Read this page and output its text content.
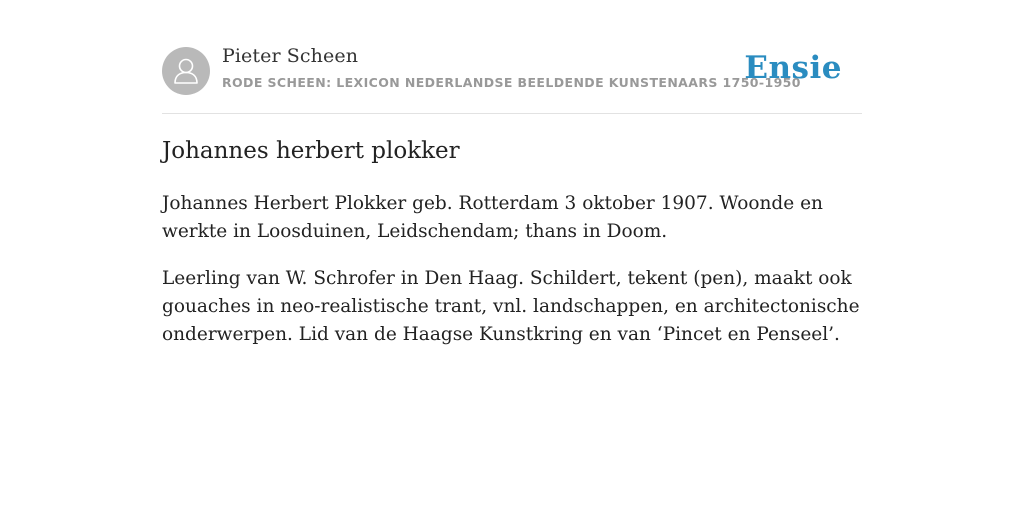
Pieter Scheen
RODE SCHEEN: LEXICON NEDERLANDSE BEELDENDE KUNSTENAARS 1750-1950
Ensie
Johannes herbert plokker

Johannes Herbert Plokker geb. Rotterdam 3 oktober 1907. Woonde en werkte in Loosduinen, Leidschendam; thans in Doom.

Leerling van W. Schrofer in Den Haag. Schildert, tekent (pen), maakt ook gouaches in neo-realistische trant, vnl. landschappen, en architectonische onderwerpen. Lid van de Haagse Kunstkring en van ‘Pincet en Penseel’.
